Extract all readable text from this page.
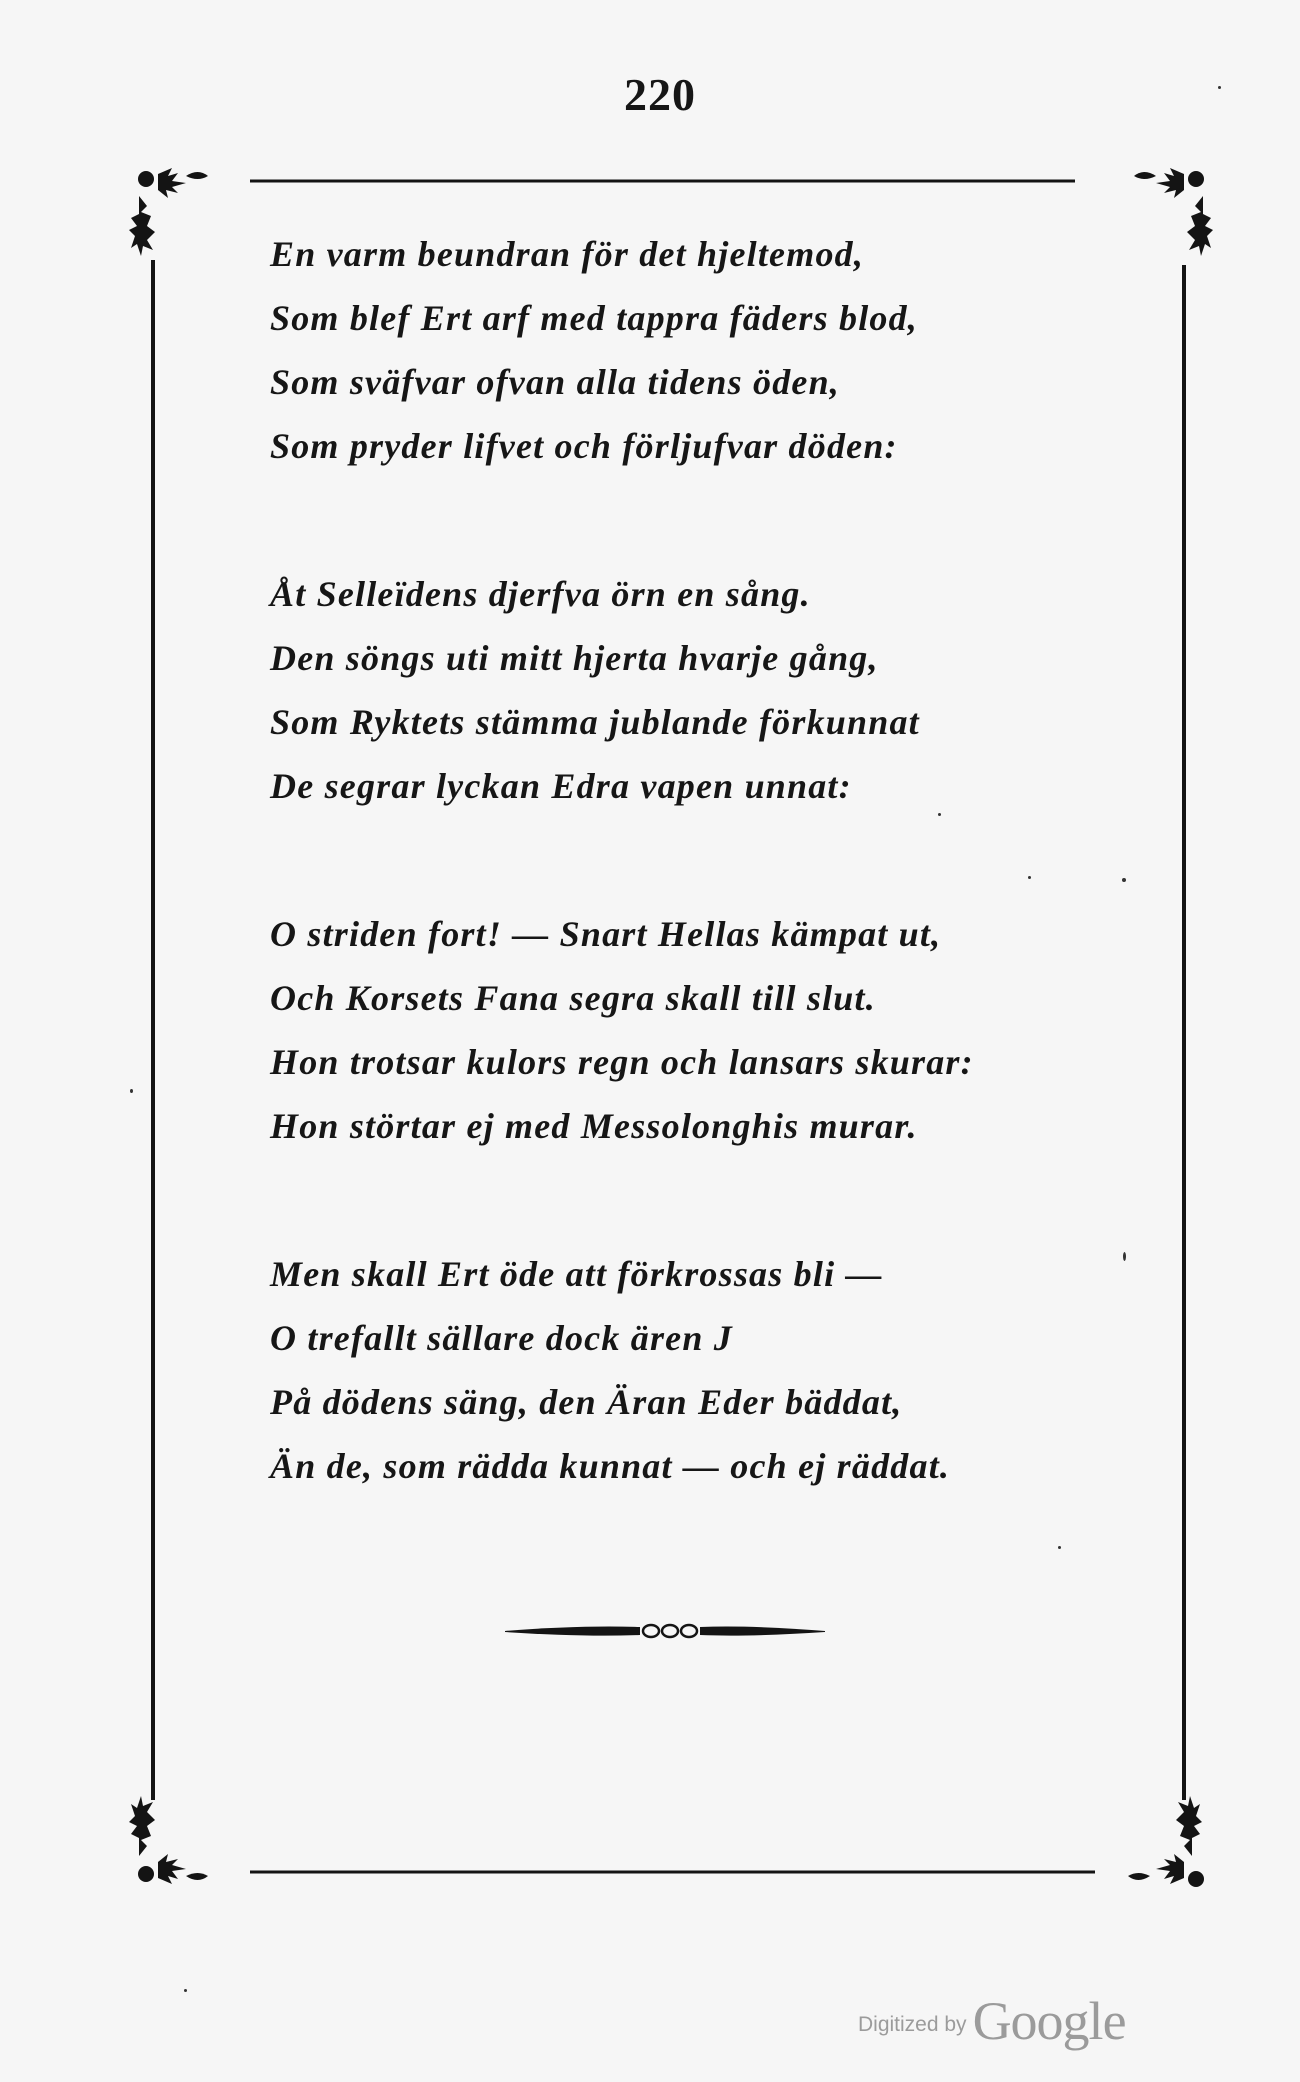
220
En varm beundran för det hjeltemod,
Som blef Ert arf med tappra fäders blod,
Som sväfvar ofvan alla tidens öden,
Som pryder lifvet och förljufvar döden:
Åt Selleïdens djerfva örn en sång.
Den söngs uti mitt hjerta hvarje gång,
Som Ryktets stämma jublande förkunnat
De segrar lyckan Edra vapen unnat:
O striden fort! — Snart Hellas kämpat ut,
Och Korsets Fana segra skall till slut.
Hon trotsar kulors regn och lansars skurar:
Hon störtar ej med Messolonghis murar.
Men skall Ert öde att förkrossas bli —
O trefallt sällare dock ären J
På dödens säng, den Äran Eder bäddat,
Än de, som rädda kunnat — och ej räddat.
Digitized by Google
